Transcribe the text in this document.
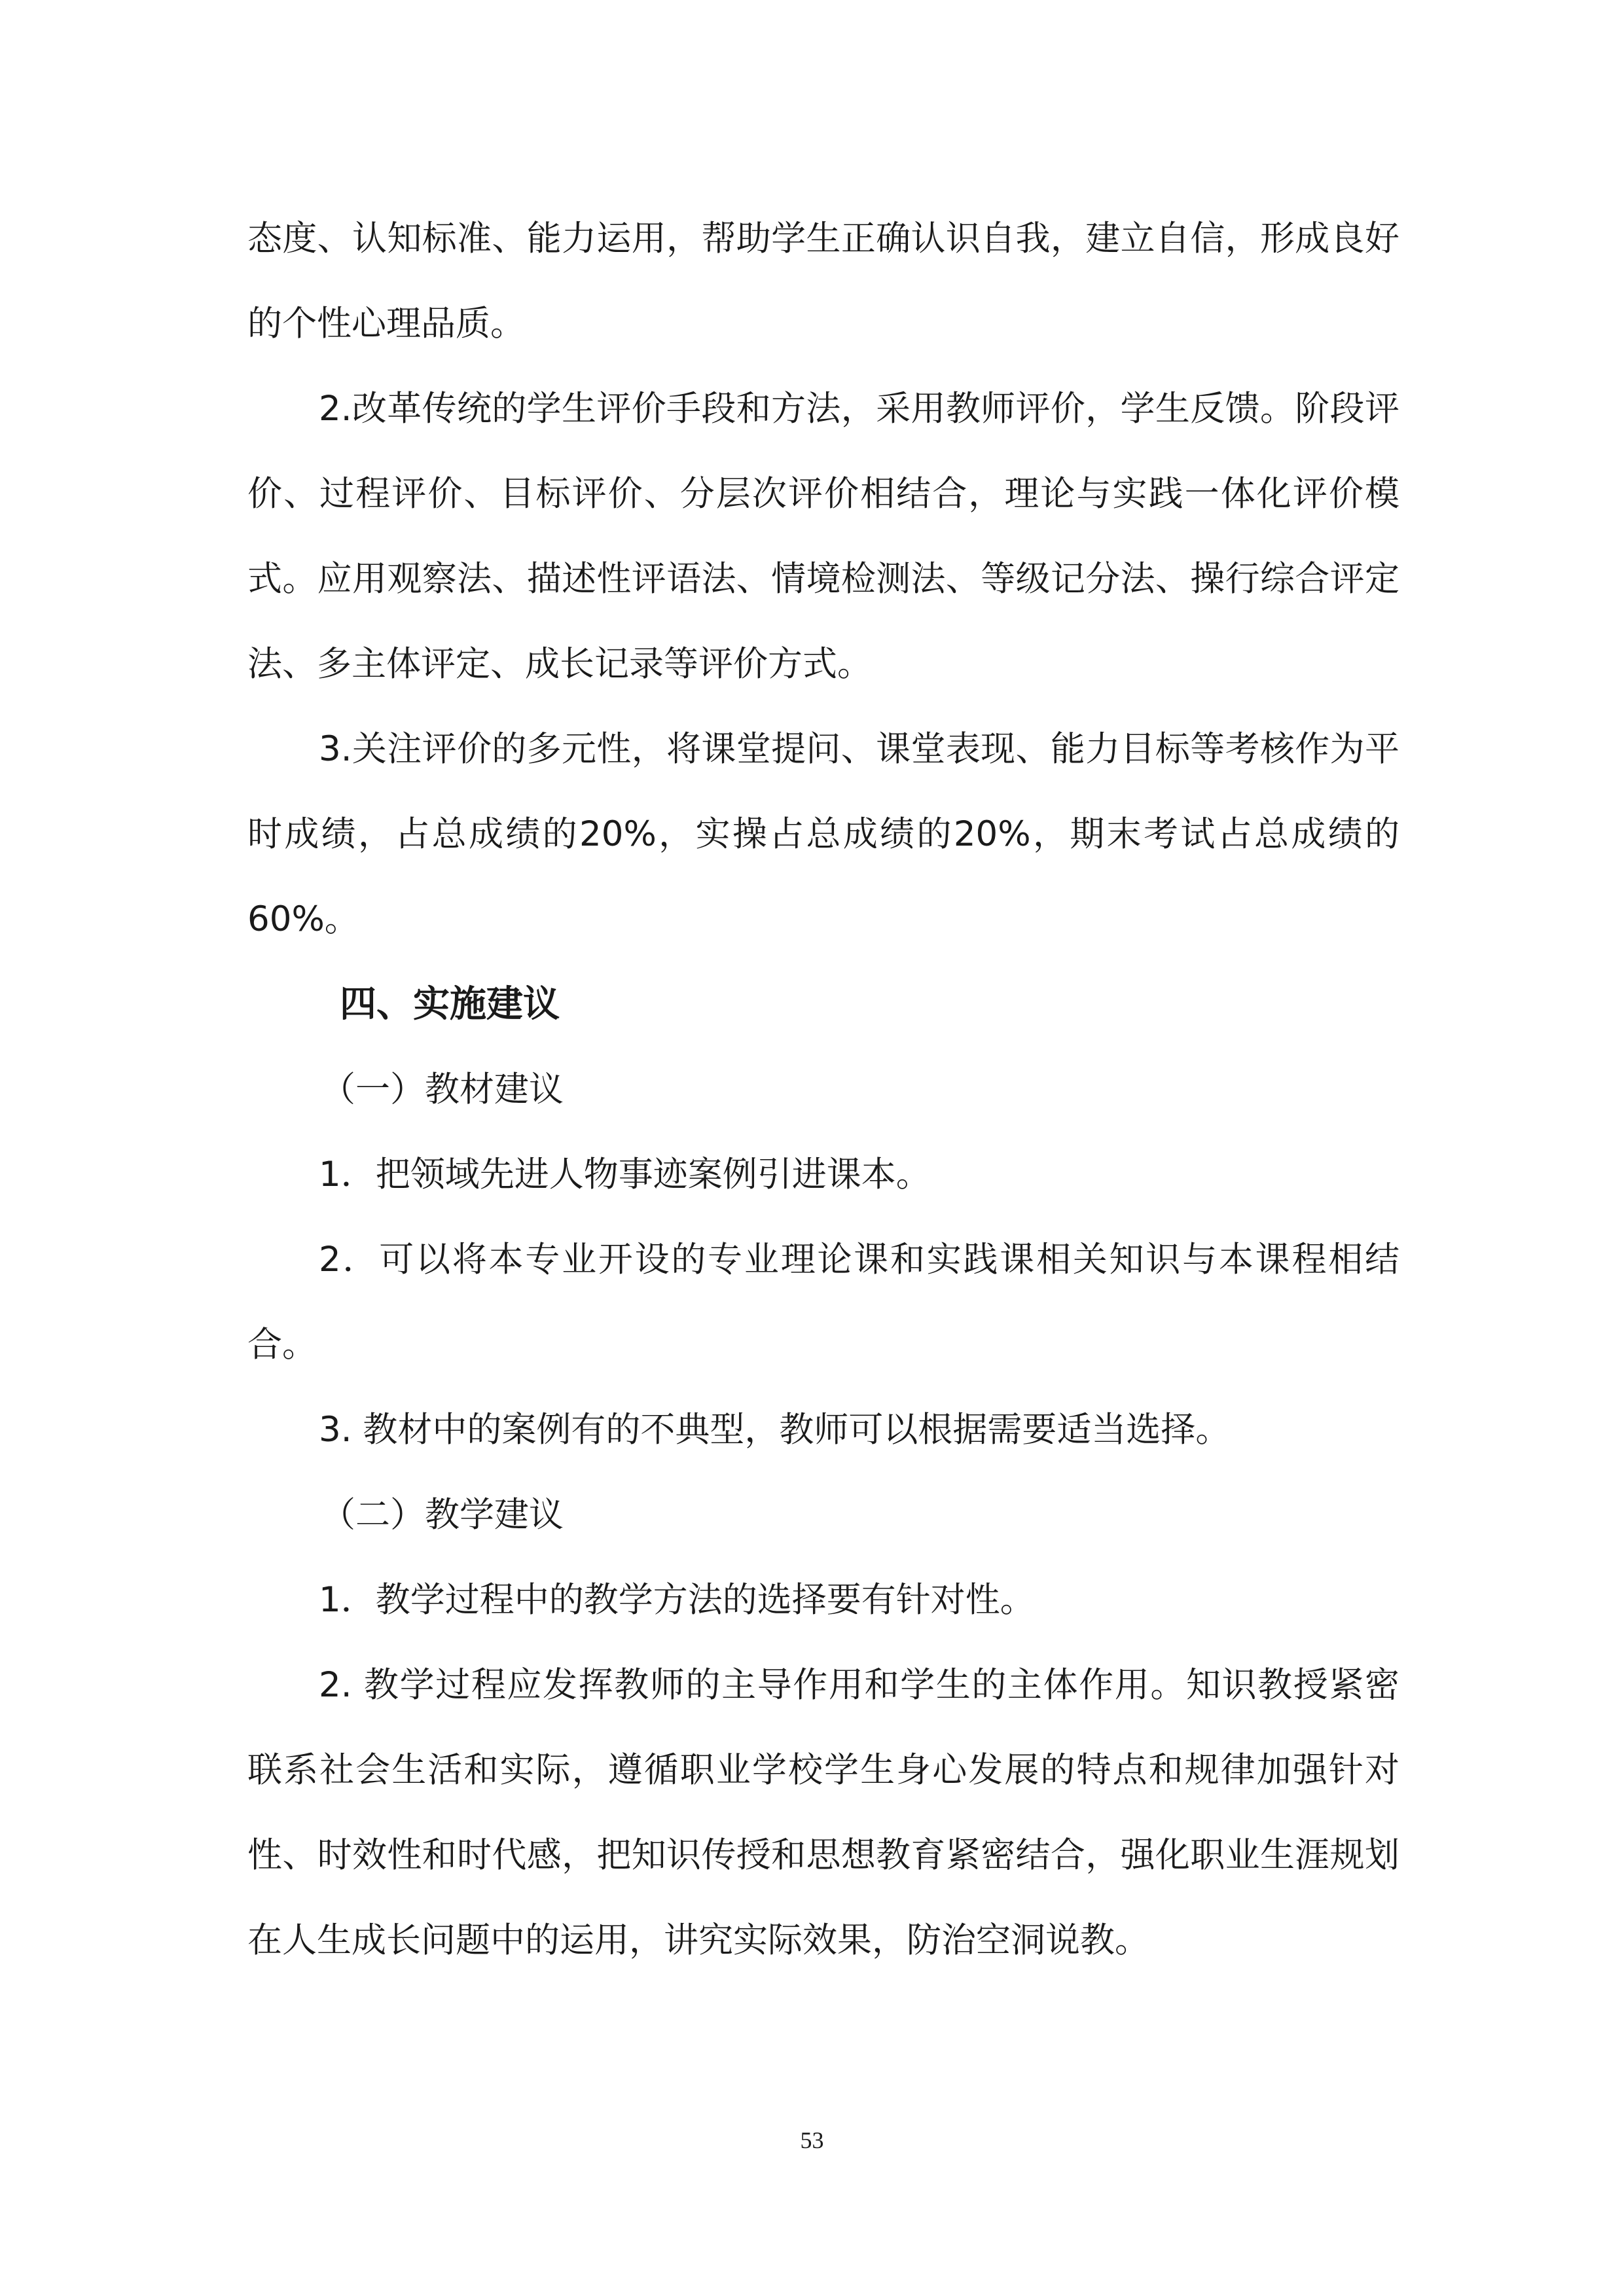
态度、认知标准、能力运用，帮助学生正确认识自我，建立自信，形成良好的个性心理品质。

2.改革传统的学生评价手段和方法，采用教师评价，学生反馈。阶段评价、过程评价、目标评价、分层次评价相结合，理论与实践一体化评价模式。应用观察法、描述性评语法、情境检测法、等级记分法、操行综合评定法、多主体评定、成长记录等评价方式。

3.关注评价的多元性，将课堂提问、课堂表现、能力目标等考核作为平时成绩，占总成绩的20%，实操占总成绩的20%，期末考试占总成绩的60%。

四、实施建议

（一）教材建议

1．把领域先进人物事迹案例引进课本。

2．可以将本专业开设的专业理论课和实践课相关知识与本课程相结合。

3. 教材中的案例有的不典型，教师可以根据需要适当选择。

（二）教学建议

1．教学过程中的教学方法的选择要有针对性。

2. 教学过程应发挥教师的主导作用和学生的主体作用。知识教授紧密联系社会生活和实际，遵循职业学校学生身心发展的特点和规律加强针对性、时效性和时代感，把知识传授和思想教育紧密结合，强化职业生涯规划在人生成长问题中的运用，讲究实际效果，防治空洞说教。

53
